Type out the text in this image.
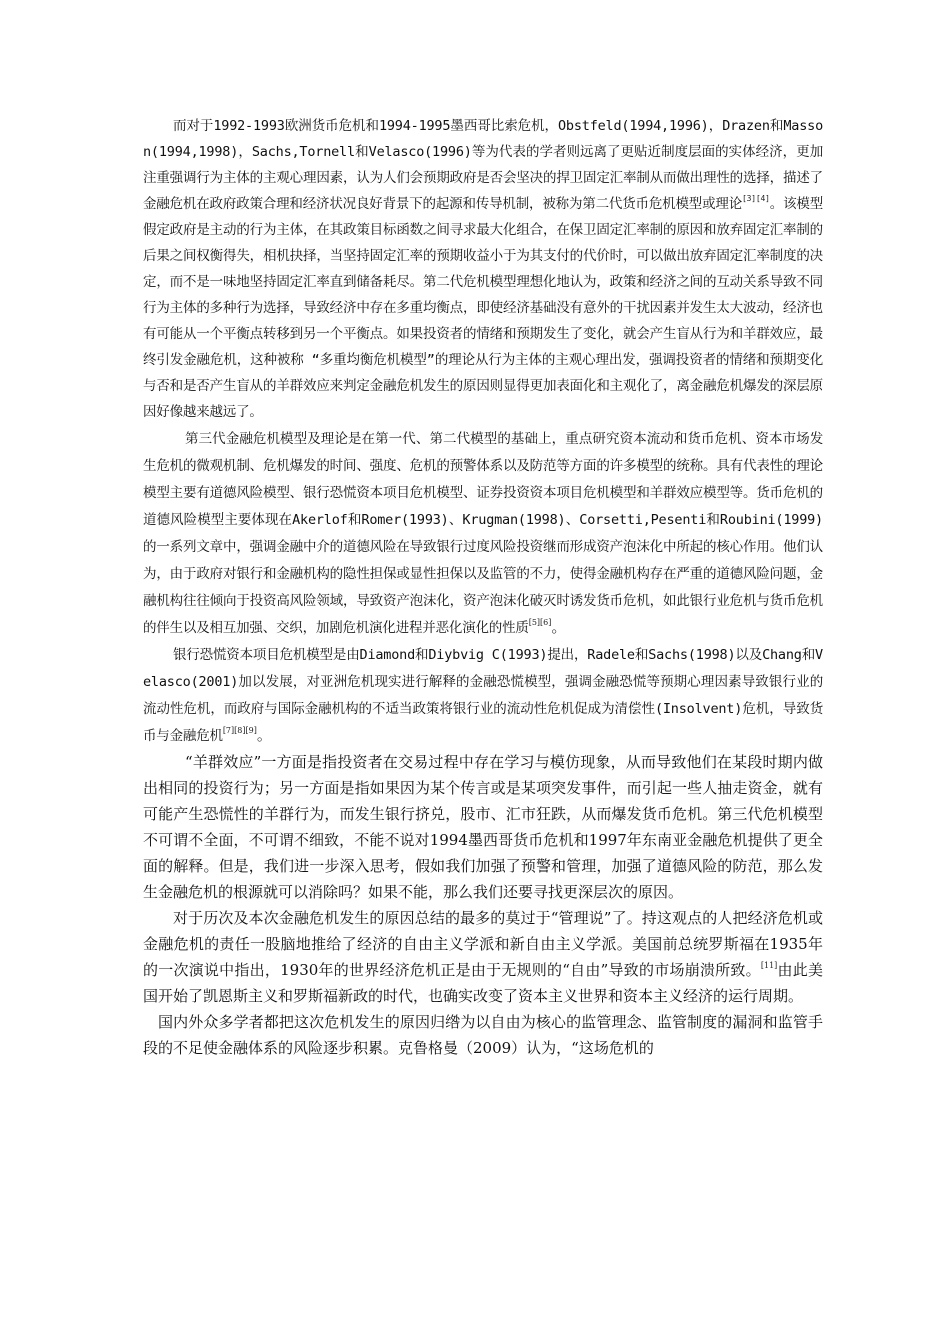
而对于1992-1993欧洲货币危机和1994-1995墨西哥比索危机，Obstfeld(1994,1996)，Drazen和Masson(1994,1998)，Sachs,Tornell和Velasco(1996)等为代表的学者则远离了更贴近制度层面的实体经济，更加注重强调行为主体的主观心理因素，认为人们会预期政府是否会坚决的捍卫固定汇率制从而做出理性的选择，描述了金融危机在政府政策合理和经济状况良好背景下的起源和传导机制，被称为第二代货币危机模型或理论[3][4]。该模型假定政府是主动的行为主体，在其政策目标函数之间寻求最大化组合，在保卫固定汇率制的原因和放弃固定汇率制的后果之间权衡得失，相机抉择，当坚持固定汇率的预期收益小于为其支付的代价时，可以做出放弃固定汇率制度的决定，而不是一味地坚持固定汇率直到储备耗尽。第二代危机模型理想化地认为，政策和经济之间的互动关系导致不同行为主体的多种行为选择，导致经济中存在多重均衡点，即使经济基础没有意外的干扰因素并发生太大波动，经济也有可能从一个平衡点转移到另一个平衡点。如果投资者的情绪和预期发生了变化，就会产生盲从行为和羊群效应，最终引发金融危机，这种被称 “多重均衡危机模型”的理论从行为主体的主观心理出发，强调投资者的情绪和预期变化与否和是否产生盲从的羊群效应来判定金融危机发生的原因则显得更加表面化和主观化了，离金融危机爆发的深层原因好像越来越远了。

第三代金融危机模型及理论是在第一代、第二代模型的基础上，重点研究资本流动和货币危机、资本市场发生危机的微观机制、危机爆发的时间、强度、危机的预警体系以及防范等方面的许多模型的统称。具有代表性的理论模型主要有道德风险模型、银行恐慌资本项目危机模型、证券投资资本项目危机模型和羊群效应模型等。货币危机的道德风险模型主要体现在Akerlof和Romer(1993)、Krugman(1998)、Corsetti,Pesenti和Roubini(1999)的一系列文章中，强调金融中介的道德风险在导致银行过度风险投资继而形成资产泡沫化中所起的核心作用。他们认为，由于政府对银行和金融机构的隐性担保或显性担保以及监管的不力，使得金融机构存在严重的道德风险问题，金融机构往往倾向于投资高风险领域，导致资产泡沫化，资产泡沫化破灭时诱发货币危机，如此银行业危机与货币危机的伴生以及相互加强、交织，加剧危机演化进程并恶化演化的性质[5][6]。

银行恐慌资本项目危机模型是由Diamond和Diybvig C(1993)提出，Radele和Sachs(1998)以及Chang和Velasco(2001)加以发展，对亚洲危机现实进行解释的金融恐慌模型，强调金融恐慌等预期心理因素导致银行业的流动性危机，而政府与国际金融机构的不适当政策将银行业的流动性危机促成为清偿性(Insolvent)危机，导致货币与金融危机[7][8][9]。

“羊群效应”一方面是指投资者在交易过程中存在学习与模仿现象，从而导致他们在某段时期内做出相同的投资行为；另一方面是指如果因为某个传言或是某项突发事件，而引起一些人抽走资金，就有可能产生恐慌性的羊群行为，而发生银行挤兑，股市、汇市狂跌，从而爆发货币危机。第三代危机模型不可谓不全面，不可谓不细致，不能不说对1994墨西哥货币危机和1997年东南亚金融危机提供了更全面的解释。但是，我们进一步深入思考，假如我们加强了预警和管理，加强了道德风险的防范，那么发生金融危机的根源就可以消除吗？如果不能，那么我们还要寻找更深层次的原因。

对于历次及本次金融危机发生的原因总结的最多的莫过于“管理说”了。持这观点的人把经济危机或金融危机的责任一股脑地推给了经济的自由主义学派和新自由主义学派。美国前总统罗斯福在1935年的一次演说中指出，1930年的世界经济危机正是由于无规则的“自由”导致的市场崩溃所致。[11]由此美国开始了凯恩斯主义和罗斯福新政的时代，也确实改变了资本主义世界和资本主义经济的运行周期。

国内外众多学者都把这次危机发生的原因归绺为以自由为核心的监管理念、监管制度的漏洞和监管手段的不足使金融体系的风险逐步积累。克鲁格曼（2009）认为，“这场危机的
